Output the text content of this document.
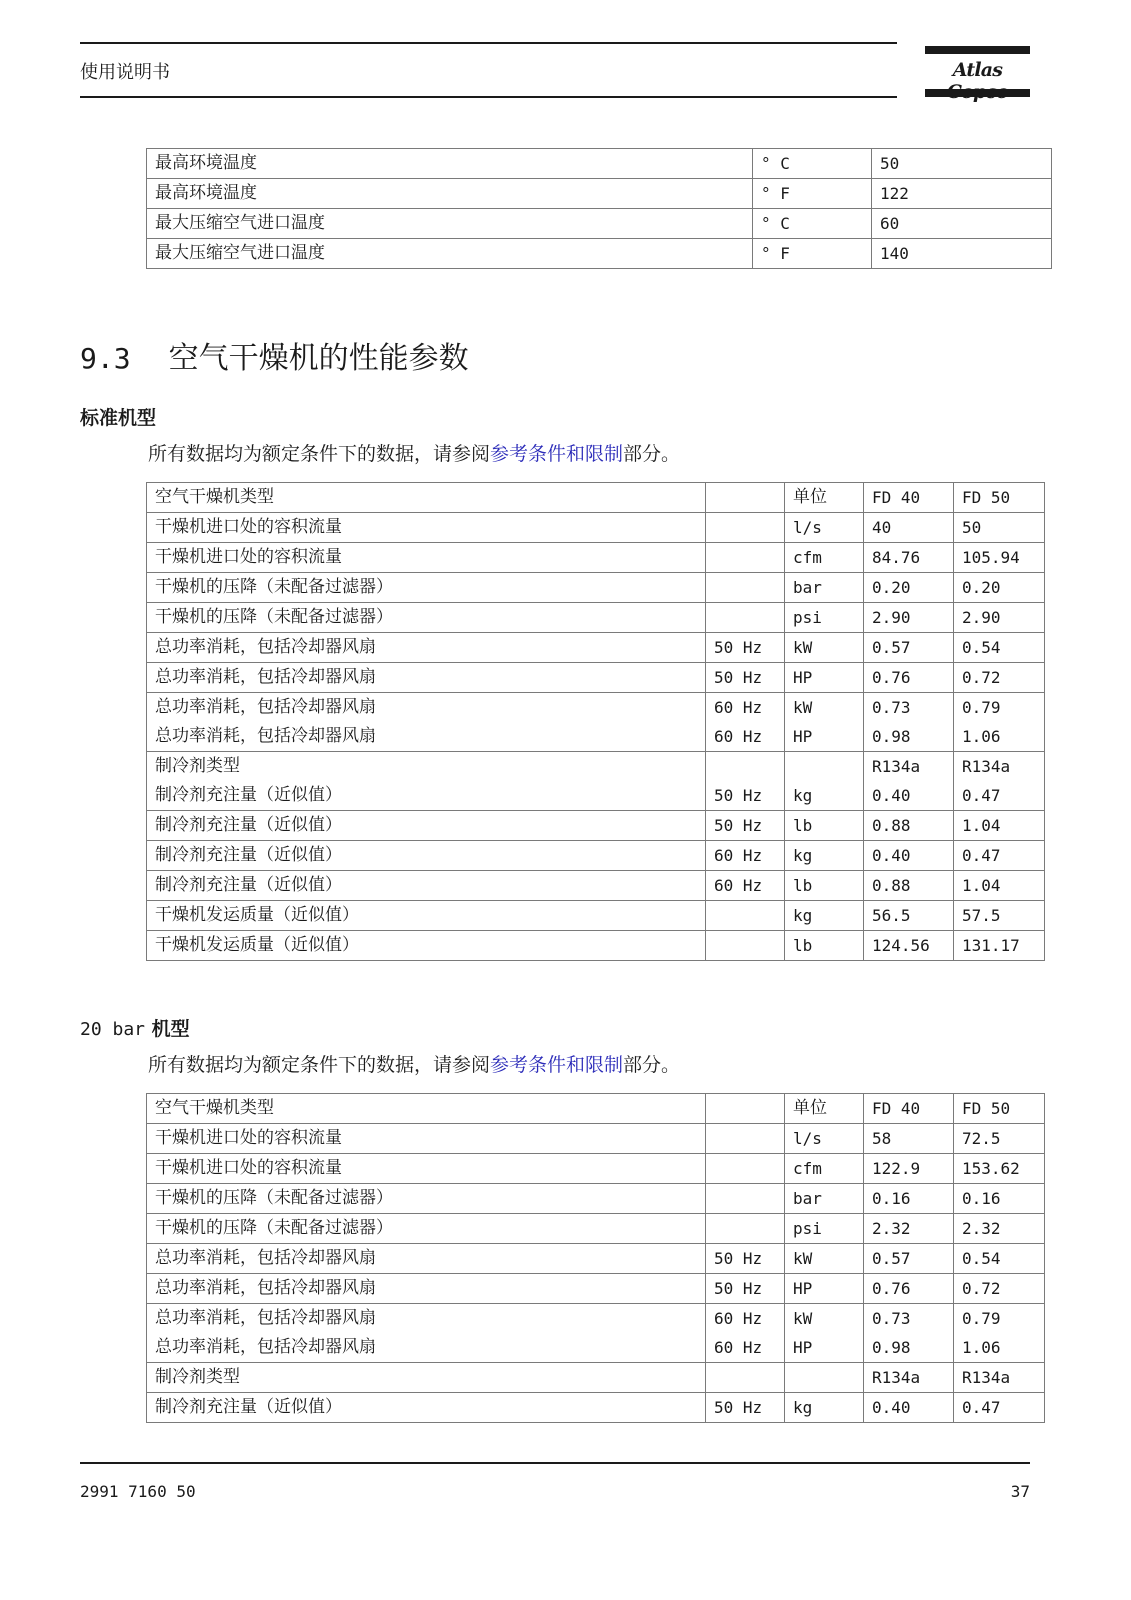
使用说明书	Atlas
最高环境温度	° C	50
最高环境温度	° F	122
最大压缩空气进口温度	° C	60
最大压缩空气进口温度	° F	140
9.3 空气干燥机的性能参数
标准机型
所有数据均为额定条件下的数据，请参阅参考条件和限制部分。
空气干燥机类型		单位	FD 40	FD 50
干燥机进口处的容积流量		l/s	40	50
干燥机进口处的容积流量		cfm	84.76	105.94
干燥机的压降（未配备过滤器）		bar	0.20	0.20
干燥机的压降（未配备过滤器）		psi	2.90	2.90
总功率消耗，包括冷却器风扇	50 Hz	kW	0.57	0.54
总功率消耗，包括冷却器风扇	50 Hz	HP	0.76	0.72
总功率消耗，包括冷却器风扇	60 Hz	kW	0.73	0.79
总功率消耗，包括冷却器风扇	60 Hz	HP	0.98	1.06
制冷剂类型			R134a	R134a
制冷剂充注量（近似值）	50 Hz	kg	0.40	0.47
制冷剂充注量（近似值）	50 Hz	lb	0.88	1.04
制冷剂充注量（近似值）	60 Hz	kg	0.40	0.47
制冷剂充注量（近似值）	60 Hz	lb	0.88	1.04
干燥机发运质量（近似值）		kg	56.5	57.5
干燥机发运质量（近似值）		lb	124.56	131.17
20 bar 机型
所有数据均为额定条件下的数据，请参阅参考条件和限制部分。
空气干燥机类型		单位	FD 40	FD 50
干燥机进口处的容积流量		l/s	58	72.5
干燥机进口处的容积流量		cfm	122.9	153.62
干燥机的压降（未配备过滤器）		bar	0.16	0.16
干燥机的压降（未配备过滤器）		psi	2.32	2.32
总功率消耗，包括冷却器风扇	50 Hz	kW	0.57	0.54
总功率消耗，包括冷却器风扇	50 Hz	HP	0.76	0.72
总功率消耗，包括冷却器风扇	60 Hz	kW	0.73	0.79
总功率消耗，包括冷却器风扇	60 Hz	HP	0.98	1.06
制冷剂类型			R134a	R134a
制冷剂充注量（近似值）	50 Hz	kg	0.40	0.47
2991 7160 50	37
